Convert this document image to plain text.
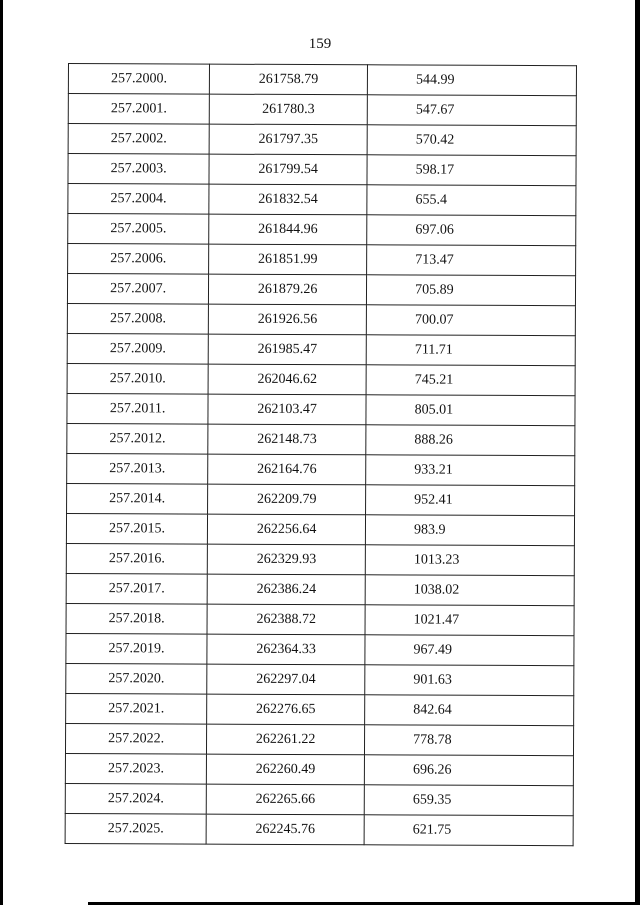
159
257.2000.	261758.79	544.99
257.2001.	261780.3	547.67
257.2002.	261797.35	570.42
257.2003.	261799.54	598.17
257.2004.	261832.54	655.4
257.2005.	261844.96	697.06
257.2006.	261851.99	713.47
257.2007.	261879.26	705.89
257.2008.	261926.56	700.07
257.2009.	261985.47	711.71
257.2010.	262046.62	745.21
257.2011.	262103.47	805.01
257.2012.	262148.73	888.26
257.2013.	262164.76	933.21
257.2014.	262209.79	952.41
257.2015.	262256.64	983.9
257.2016.	262329.93	1013.23
257.2017.	262386.24	1038.02
257.2018.	262388.72	1021.47
257.2019.	262364.33	967.49
257.2020.	262297.04	901.63
257.2021.	262276.65	842.64
257.2022.	262261.22	778.78
257.2023.	262260.49	696.26
257.2024.	262265.66	659.35
257.2025.	262245.76	621.75
